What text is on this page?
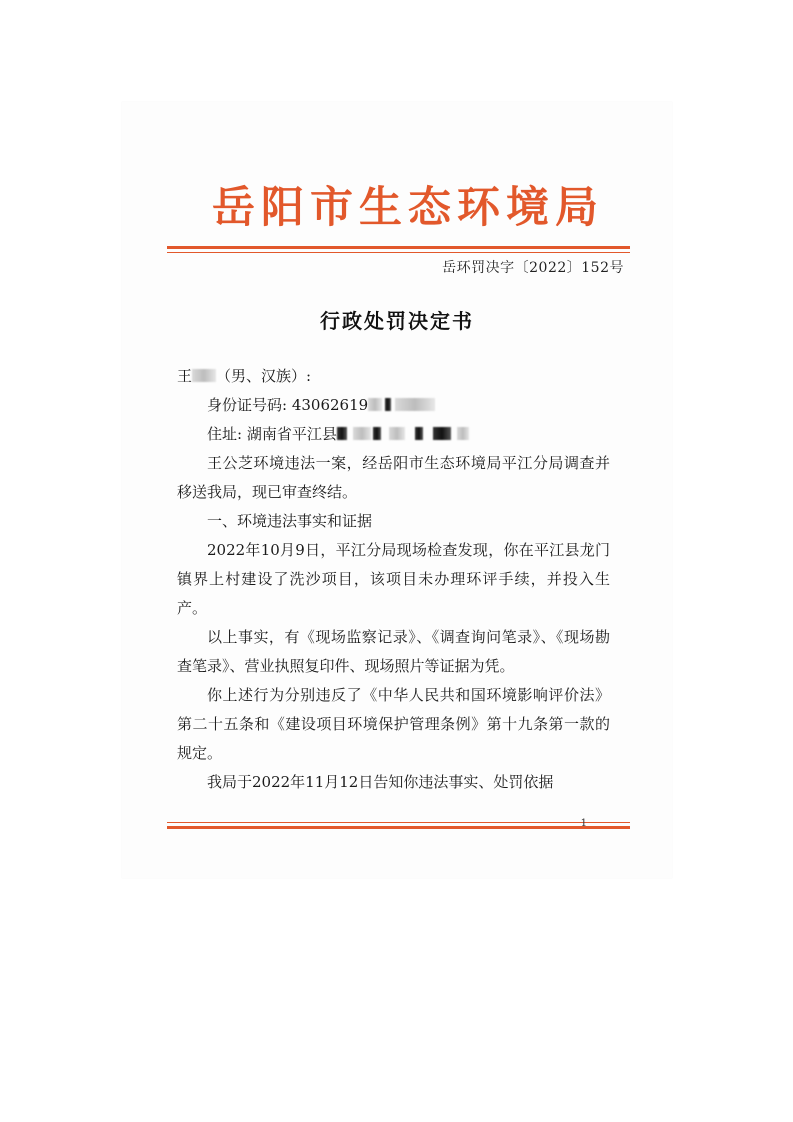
岳阳市生态环境局
岳环罚决字〔2022〕152号
行政处罚决定书

王 （男、汉族）:

身份证号码: 43062619

住址: 湖南省平江县

王公芝环境违法一案，经岳阳市生态环境局平江分局调查并移送我局，现已审查终结。

一、环境违法事实和证据

2022年10月9日，平江分局现场检查发现，你在平江县龙门镇界上村建设了洗沙项目，该项目未办理环评手续，并投入生产。

以上事实，有《现场监察记录》、《调查询问笔录》、《现场勘查笔录》、营业执照复印件、现场照片等证据为凭。

你上述行为分别违反了《中华人民共和国环境影响评价法》第二十五条和《建设项目环境保护管理条例》第十九条第一款的规定。

我局于2022年11月12日告知你违法事实、处罚依据

1
